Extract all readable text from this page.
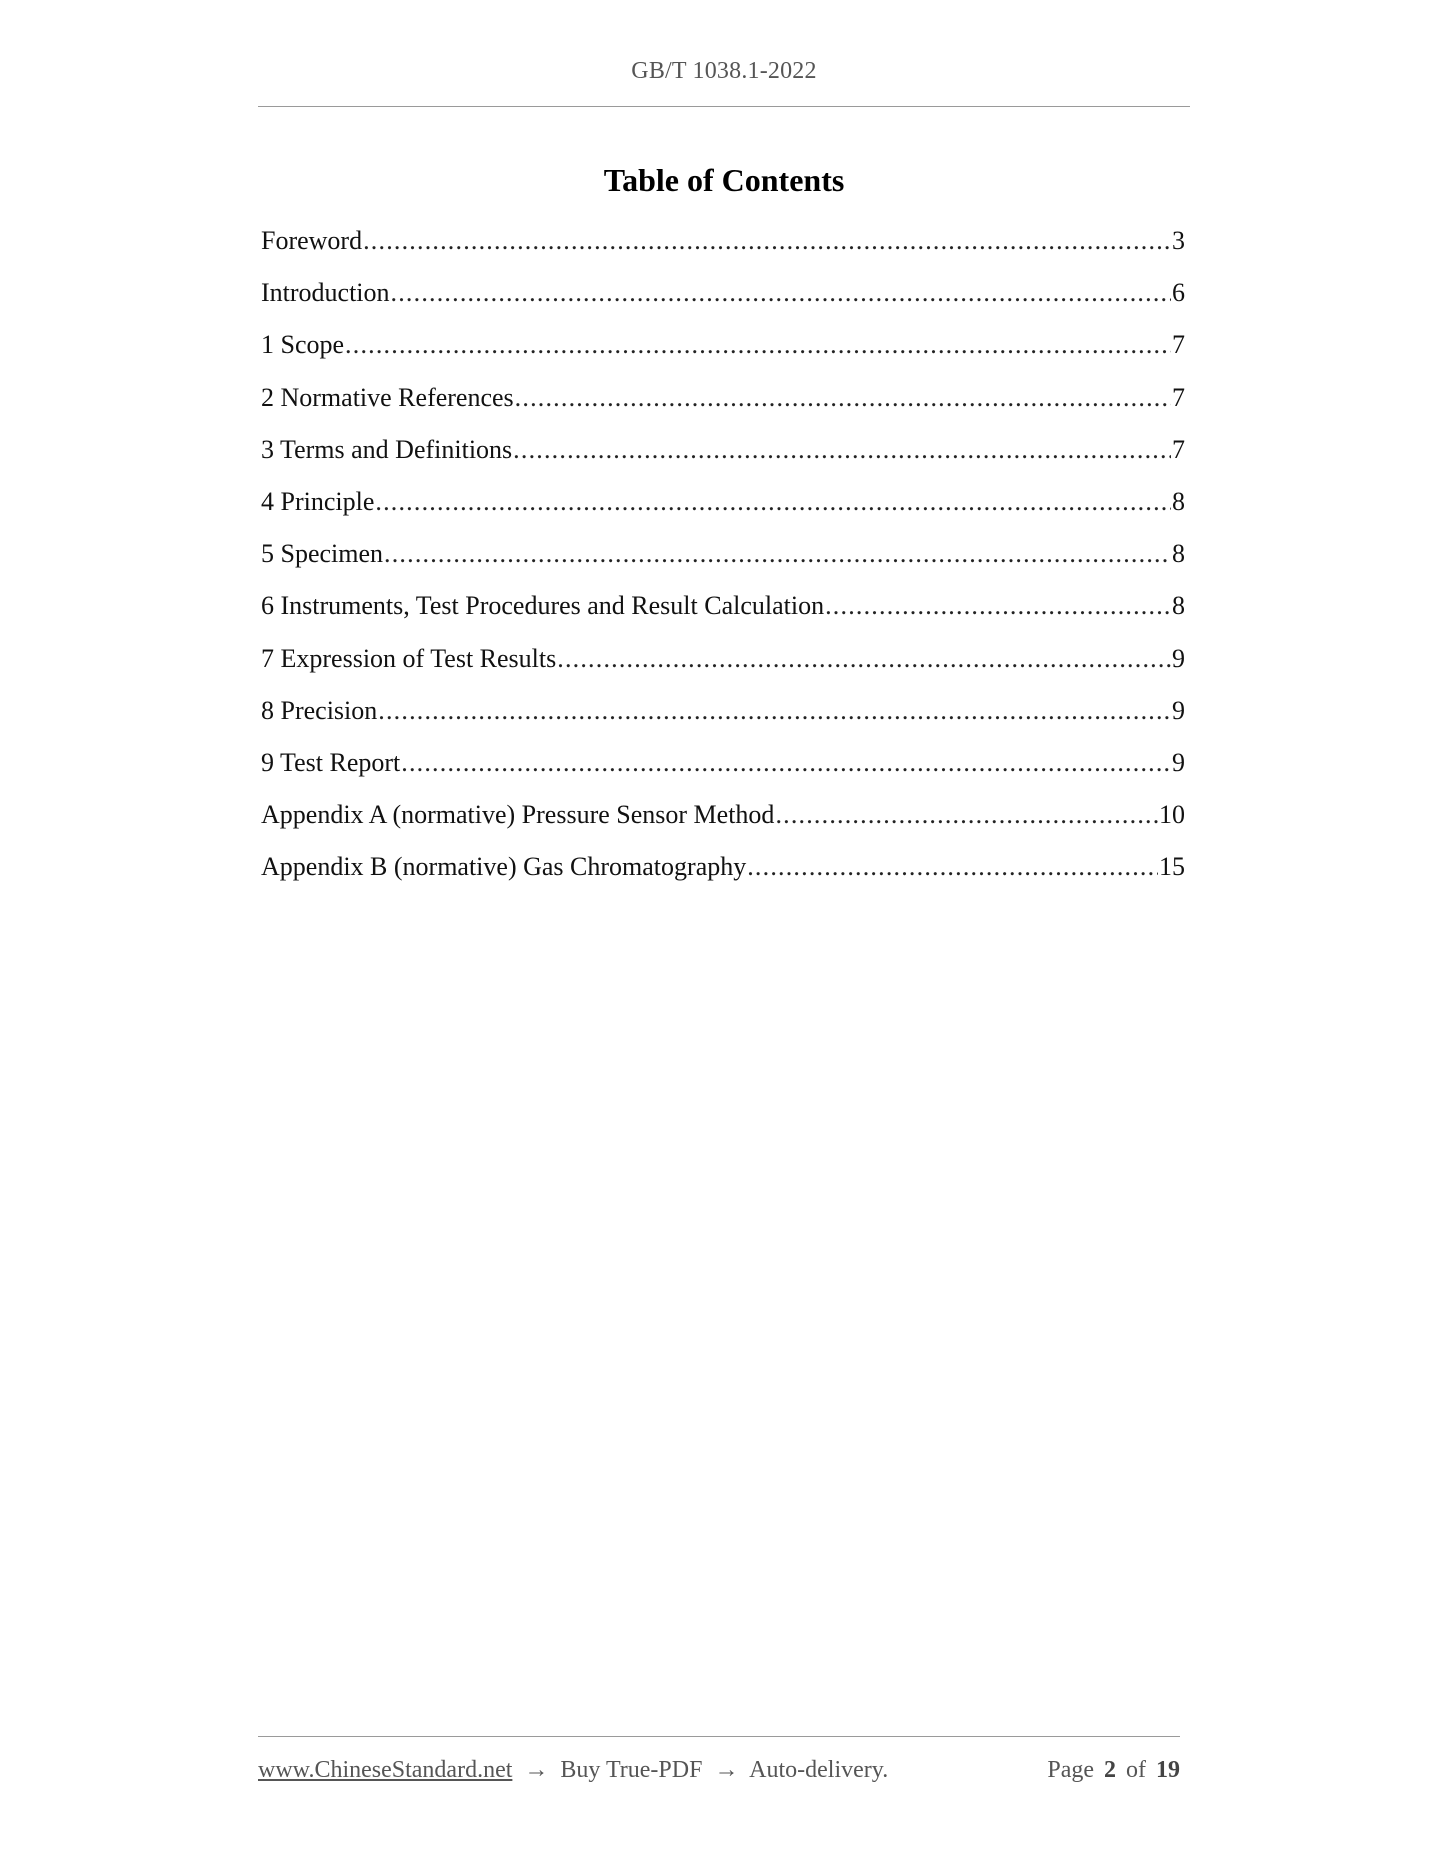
GB/T 1038.1-2022
Table of Contents
Foreword .....	3
Introduction .....	6
1 Scope .....	7
2 Normative References .....	7
3 Terms and Definitions .....	7
4 Principle .....	8
5 Specimen .....	8
6 Instruments, Test Procedures and Result Calculation .....	8
7 Expression of Test Results .....	9
8 Precision .....	9
9 Test Report .....	9
Appendix A (normative) Pressure Sensor Method .....	10
Appendix B (normative) Gas Chromatography .....	15
www.ChineseStandard.net → Buy True-PDF → Auto-delivery.	Page 2 of 19
